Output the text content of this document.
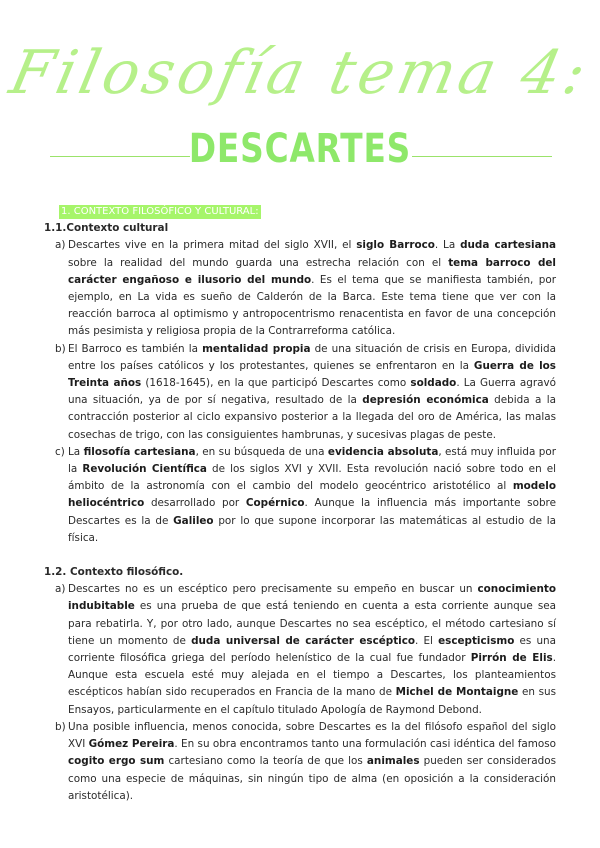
Filosofía tema 4:
DESCARTES
1. CONTEXTO FILOSÓFICO Y CULTURAL:

1.1.Contexto cultural

a) Descartes vive en la primera mitad del siglo XVII, el siglo Barroco. La duda cartesiana sobre la realidad del mundo guarda una estrecha relación con el tema barroco del carácter engañoso e ilusorio del mundo. Es el tema que se manifiesta también, por ejemplo, en La vida es sueño de Calderón de la Barca. Este tema tiene que ver con la reacción barroca al optimismo y antropocentrismo renacentista en favor de una concepción más pesimista y religiosa propia de la Contrarreforma católica.
b) El Barroco es también la mentalidad propia de una situación de crisis en Europa, dividida entre los países católicos y los protestantes, quienes se enfrentaron en la Guerra de los Treinta años (1618-1645), en la que participó Descartes como soldado. La Guerra agravó una situación, ya de por sí negativa, resultado de la depresión económica debida a la contracción posterior al ciclo expansivo posterior a la llegada del oro de América, las malas cosechas de trigo, con las consiguientes hambrunas, y sucesivas plagas de peste.
c) La filosofía cartesiana, en su búsqueda de una evidencia absoluta, está muy influida por la Revolución Científica de los siglos XVI y XVII. Esta revolución nació sobre todo en el ámbito de la astronomía con el cambio del modelo geocéntrico aristotélico al modelo heliocéntrico desarrollado por Copérnico. Aunque la influencia más importante sobre Descartes es la de Galileo por lo que supone incorporar las matemáticas al estudio de la física.

1.2. Contexto filosófico.

a) Descartes no es un escéptico pero precisamente su empeño en buscar un conocimiento indubitable es una prueba de que está teniendo en cuenta a esta corriente aunque sea para rebatirla. Y, por otro lado, aunque Descartes no sea escéptico, el método cartesiano sí tiene un momento de duda universal de carácter escéptico. El escepticismo es una corriente filosófica griega del período helenístico de la cual fue fundador Pirrón de Elis. Aunque esta escuela esté muy alejada en el tiempo a Descartes, los planteamientos escépticos habían sido recuperados en Francia de la mano de Michel de Montaigne en sus Ensayos, particularmente en el capítulo titulado Apología de Raymond Debond.
b) Una posible influencia, menos conocida, sobre Descartes es la del filósofo español del siglo XVI Gómez Pereira. En su obra encontramos tanto una formulación casi idéntica del famoso cogito ergo sum cartesiano como la teoría de que los animales pueden ser considerados como una especie de máquinas, sin ningún tipo de alma (en oposición a la consideración aristotélica).
